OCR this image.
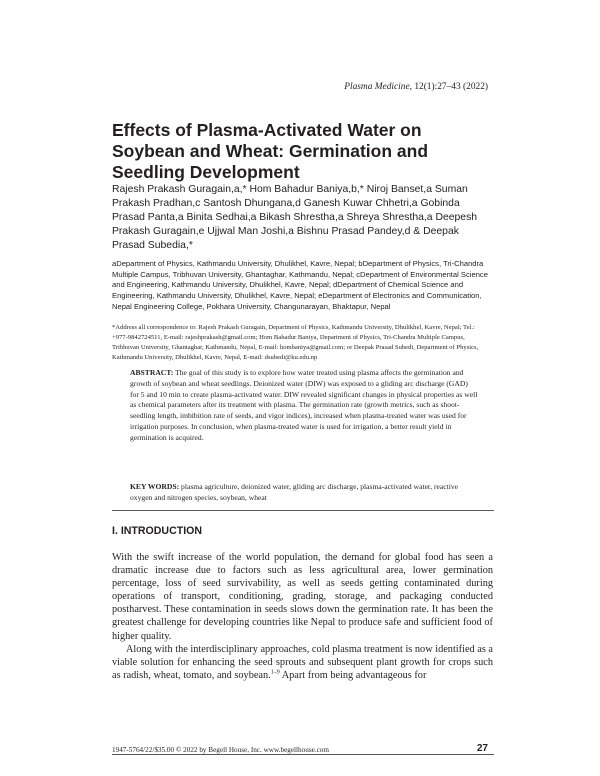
Plasma Medicine, 12(1):27–43 (2022)
Effects of Plasma-Activated Water on Soybean and Wheat: Germination and Seedling Development
Rajesh Prakash Guragain,a,* Hom Bahadur Baniya,b,* Niroj Banset,a Suman Prakash Pradhan,c Santosh Dhungana,d Ganesh Kuwar Chhetri,a Gobinda Prasad Panta,a Binita Sedhai,a Bikash Shrestha,a Shreya Shrestha,a Deepesh Prakash Guragain,e Ujjwal Man Joshi,a Bishnu Prasad Pandey,d & Deepak Prasad Subedia,*
aDepartment of Physics, Kathmandu University, Dhulikhel, Kavre, Nepal; bDepartment of Physics, Tri-Chandra Multiple Campus, Tribhuvan University, Ghantaghar, Kathmandu, Nepal; cDepartment of Environmental Science and Engineering, Kathmandu University, Dhulikhel, Kavre, Nepal; dDepartment of Chemical Science and Engineering, Kathmandu University, Dhulikhel, Kavre, Nepal; eDepartment of Electronics and Communication, Nepal Engineering College, Pokhara University, Changunarayan, Bhaktapur, Nepal
*Address all correspondence to: Rajesh Prakash Guragain, Department of Physics, Kathmandu University, Dhulikhel, Kavre, Nepal; Tel.: +977-9842724511, E-mail: rajeshprakash@gmail.com; Hom Bahadur Baniya, Department of Physics, Tri-Chandra Multiple Campus, Tribhuvan University, Ghantaghar, Kathmandu, Nepal, E-mail: hombaniya@gmail.com; or Deepak Prasad Subedi, Department of Physics, Kathmandu University, Dhulikhel, Kavre, Nepal, E-mail: dsubedi@ku.edu.np
ABSTRACT: The goal of this study is to explore how water treated using plasma affects the germination and growth of soybean and wheat seedlings. Deionized water (DIW) was exposed to a gliding arc discharge (GAD) for 5 and 10 min to create plasma-activated water. DIW revealed significant changes in physical properties as well as chemical parameters after its treatment with plasma. The germination rate (growth metrics, such as shoot-seedling length, imbibition rate of seeds, and vigor indices), increased when plasma-treated water was used for irrigation purposes. In conclusion, when plasma-treated water is used for irrigation, a better result yield in germination is acquired.
KEY WORDS: plasma agriculture, deionized water, gliding arc discharge, plasma-activated water, reactive oxygen and nitrogen species, soybean, wheat
I. INTRODUCTION

With the swift increase of the world population, the demand for global food has seen a dramatic increase due to factors such as less agricultural area, lower germination percentage, loss of seed survivability, as well as seeds getting contaminated during operations of transport, conditioning, grading, storage, and packaging conducted postharvest. These contamination in seeds slows down the germination rate. It has been the greatest challenge for developing countries like Nepal to produce safe and sufficient food of higher quality.

Along with the interdisciplinary approaches, cold plasma treatment is now identified as a viable solution for enhancing the seed sprouts and subsequent plant growth for crops such as radish, wheat, tomato, and soybean.$^{1-9}$ Apart from being advantageous for

1947-5764/22/$35.00 © 2022 by Begell House, Inc. www.begellhouse.com	27
